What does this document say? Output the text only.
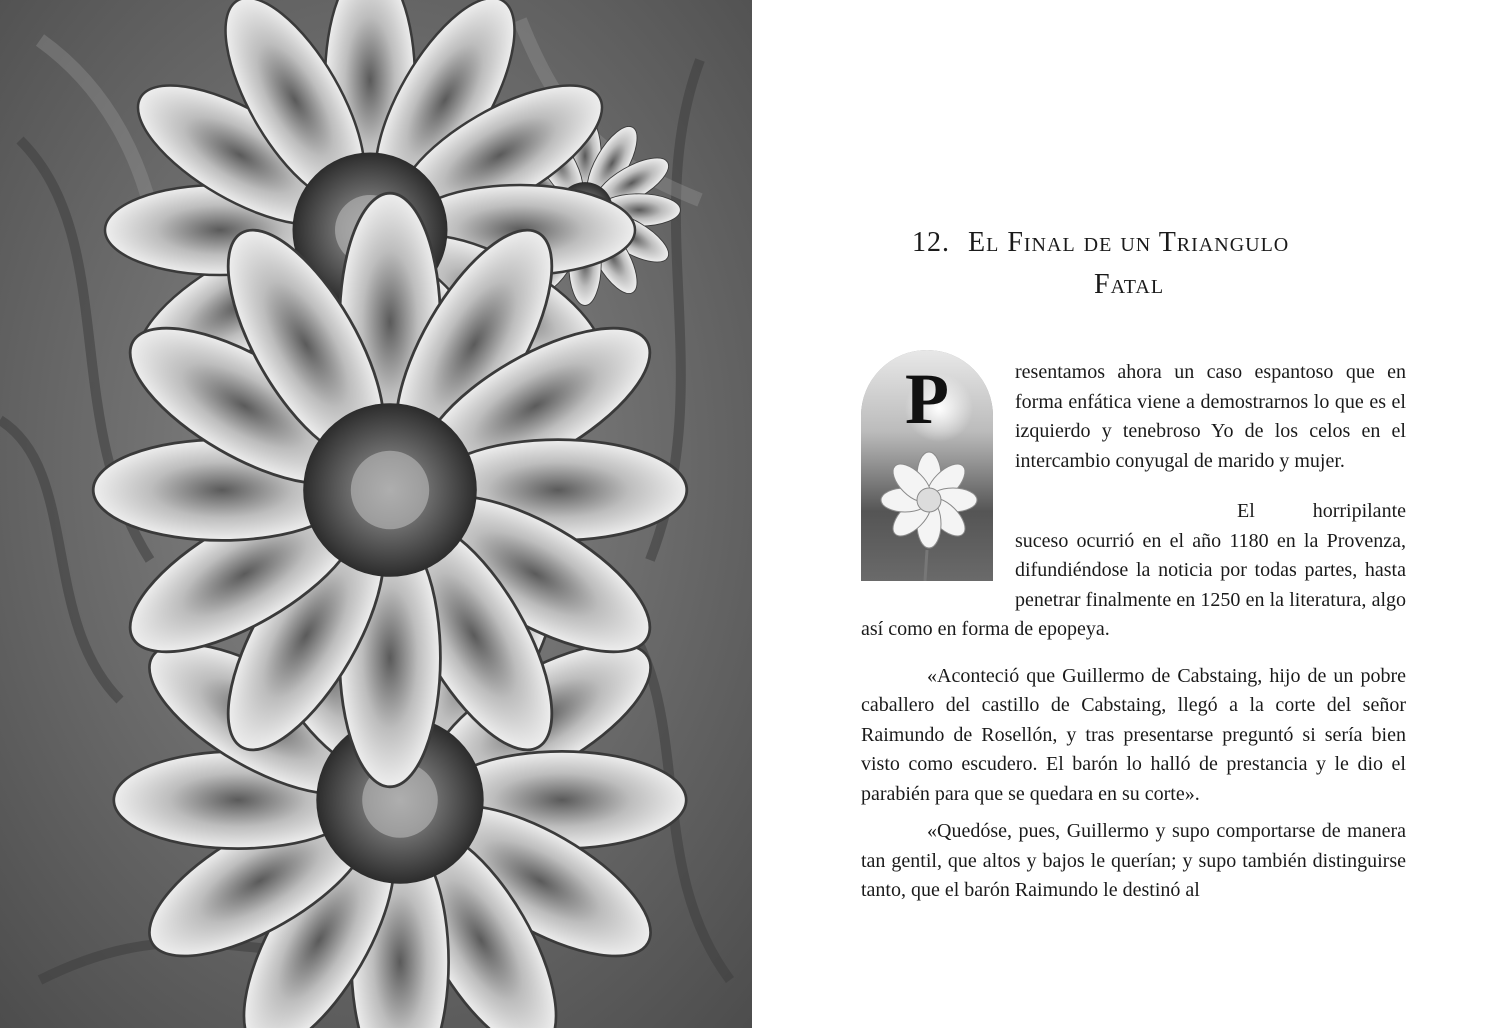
12. El Final de un Triangulo
Fatal
P	resentamos ahora un caso espantoso que en forma enfática viene a demostrarnos lo que es el izquierdo y tenebroso Yo de los celos en el intercambio conyugal de marido y mujer.

El horripilante suceso ocurrió en el año 1180 en la Provenza, difundiéndose la noticia por todas partes, hasta penetrar finalmente en 1250 en la literatura, algo así como en forma de epopeya.

«Aconteció que Guillermo de Cabstaing, hijo de un pobre caballero del castillo de Cabstaing, llegó a la corte del señor Raimundo de Rosellón, y tras presentarse preguntó si sería bien visto como escudero. El barón lo halló de prestancia y le dio el parabién para que se quedara en su corte».

«Quedóse, pues, Guillermo y supo comportarse de manera tan gentil, que altos y bajos le querían; y supo también distinguirse tanto, que el barón Raimundo le destinó al
